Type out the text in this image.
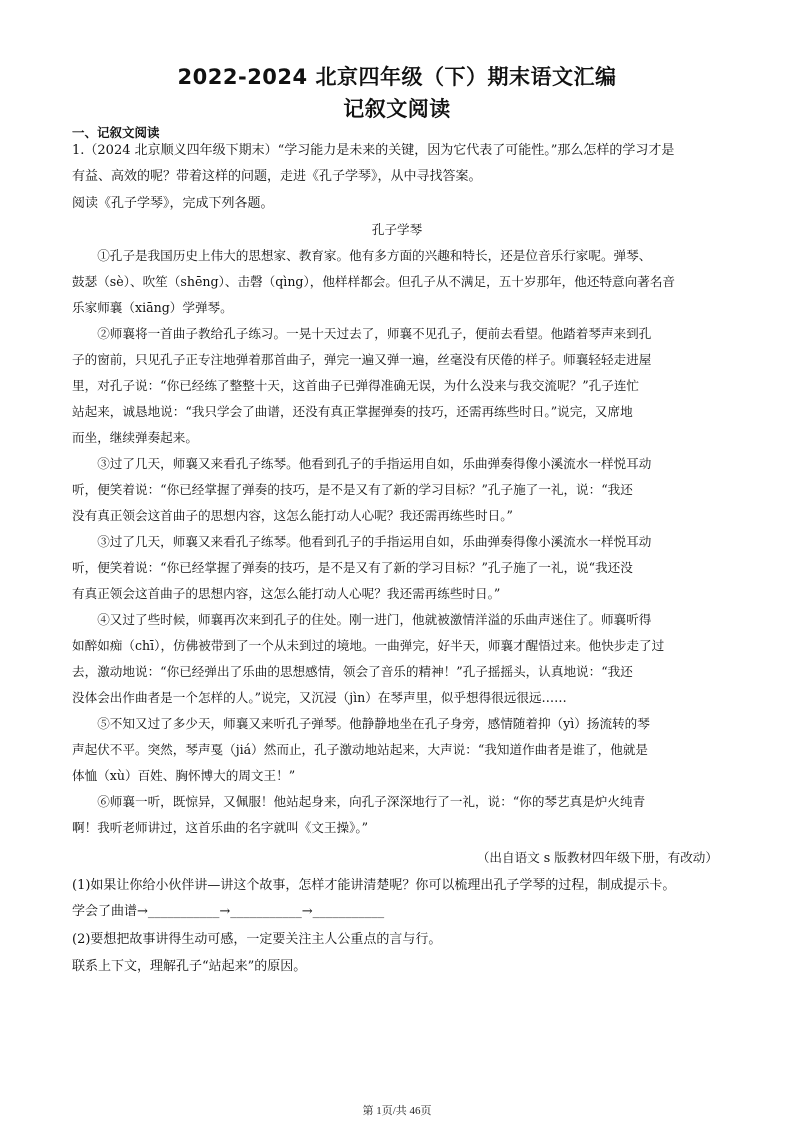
2022-2024 北京四年级（下）期末语文汇编
记叙文阅读
一、记叙文阅读
1.（2024 北京顺义四年级下期末）“学习能力是未来的关键，因为它代表了可能性。”那么怎样的学习才是
有益、高效的呢？带着这样的问题，走进《孔子学琴》，从中寻找答案。
阅读《孔子学琴》，完成下列各题。
孔子学琴
　　①孔子是我国历史上伟大的思想家、教育家。他有多方面的兴趣和特长，还是位音乐行家呢。弹琴、
鼓瑟（sè）、吹笙（shēng）、击磬（qìng），他样样都会。但孔子从不满足，五十岁那年，他还特意向著名音
乐家师襄（xiāng）学弹琴。
　　②师襄将一首曲子教给孔子练习。一晃十天过去了，师襄不见孔子，便前去看望。他踏着琴声来到孔
子的窗前，只见孔子正专注地弹着那首曲子，弹完一遍又弹一遍，丝毫没有厌倦的样子。师襄轻轻走进屋
里，对孔子说：“你已经练了整整十天，这首曲子已弹得准确无误，为什么没来与我交流呢？”孔子连忙
站起来，诚恳地说：“我只学会了曲谱，还没有真正掌握弹奏的技巧，还需再练些时日。”说完，又席地
而坐，继续弹奏起来。
　　③过了几天，师襄又来看孔子练琴。他看到孔子的手指运用自如，乐曲弹奏得像小溪流水一样悦耳动
听，便笑着说：“你已经掌握了弹奏的技巧，是不是又有了新的学习目标？”孔子施了一礼，说：“我还
没有真正领会这首曲子的思想内容，这怎么能打动人心呢？我还需再练些时日。”
　　③过了几天，师襄又来看孔子练琴。他看到孔子的手指运用自如，乐曲弹奏得像小溪流水一样悦耳动
听，便笑着说：“你已经掌握了弹奏的技巧，是不是又有了新的学习目标？”孔子施了一礼，说“我还没
有真正领会这首曲子的思想内容，这怎么能打动人心呢？我还需再练些时日。”
　　④又过了些时候，师襄再次来到孔子的住处。刚一进门，他就被激情洋溢的乐曲声迷住了。师襄听得
如醉如痴（chī），仿佛被带到了一个从未到过的境地。一曲弹完，好半天，师襄才醒悟过来。他快步走了过
去，激动地说：“你已经弹出了乐曲的思想感情，领会了音乐的精神！”孔子摇摇头，认真地说：“我还
没体会出作曲者是一个怎样的人。”说完，又沉浸（jìn）在琴声里，似乎想得很远很远……
　　⑤不知又过了多少天，师襄又来听孔子弹琴。他静静地坐在孔子身旁，感情随着抑（yì）扬流转的琴
声起伏不平。突然，琴声戛（jiá）然而止，孔子激动地站起来，大声说：“我知道作曲者是谁了，他就是
体恤（xù）百姓、胸怀博大的周文王！”
　　⑥师襄一听，既惊异，又佩服！他站起身来，向孔子深深地行了一礼，说：“你的琴艺真是炉火纯青
啊！我听老师讲过，这首乐曲的名字就叫《文王操》。”
（出自语文 s 版教材四年级下册，有改动）
(1)如果让你给小伙伴讲—讲这个故事，怎样才能讲清楚呢？你可以梳理出孔子学琴的过程，制成提示卡。
学会了曲谱→___________→___________→___________
(2)要想把故事讲得生动可感，一定要关注主人公重点的言与行。
联系上下文，理解孔子“站起来”的原因。
第 1页/共 46页
